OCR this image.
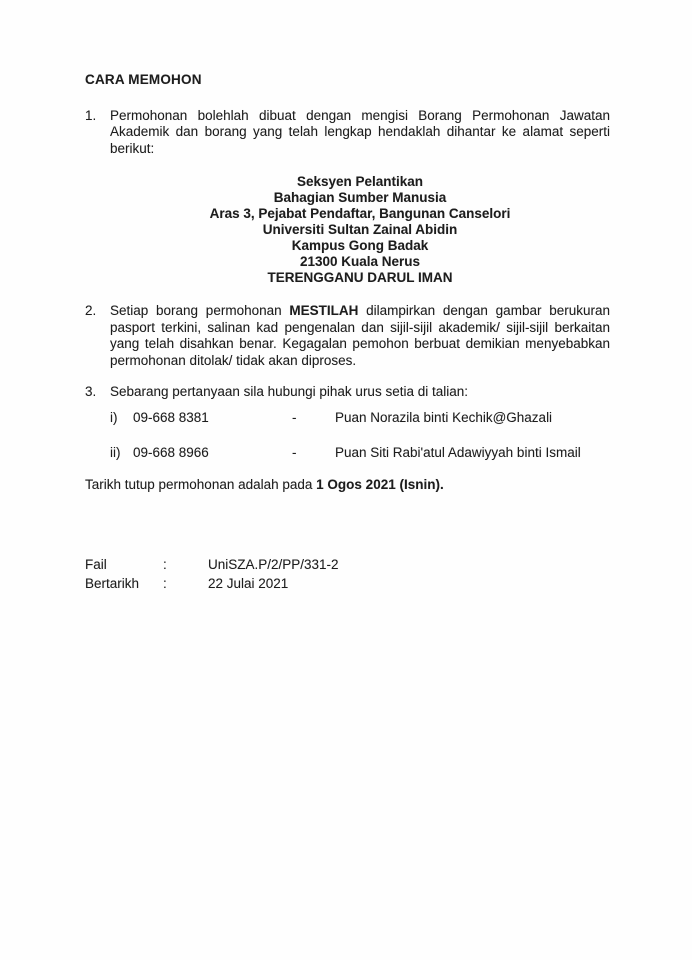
CARA MEMOHON
1.	Permohonan bolehlah dibuat dengan mengisi Borang Permohonan Jawatan Akademik dan borang yang telah lengkap hendaklah dihantar ke alamat seperti berikut:

Seksyen Pelantikan
Bahagian Sumber Manusia
Aras 3, Pejabat Pendaftar, Bangunan Canselori
Universiti Sultan Zainal Abidin
Kampus Gong Badak
21300 Kuala Nerus
TERENGGANU DARUL IMAN
2.	Setiap borang permohonan MESTILAH dilampirkan dengan gambar berukuran pasport terkini, salinan kad pengenalan dan sijil-sijil akademik/ sijil-sijil berkaitan yang telah disahkan benar. Kegagalan pemohon berbuat demikian menyebabkan permohonan ditolak/ tidak akan diproses.

3.	Sebarang pertanyaan sila hubungi pihak urus setia di talian:

i)	09-668 8381	-	Puan Norazila binti Kechik@Ghazali
ii) 09-668 8966	-	Puan Siti Rabi'atul Adawiyyah binti Ismail

Tarikh tutup permohonan adalah pada 1 Ogos 2021 (Isnin).

Fail	:	UniSZA.P/2/PP/331-2
Bertarikh	:	22 Julai 2021
